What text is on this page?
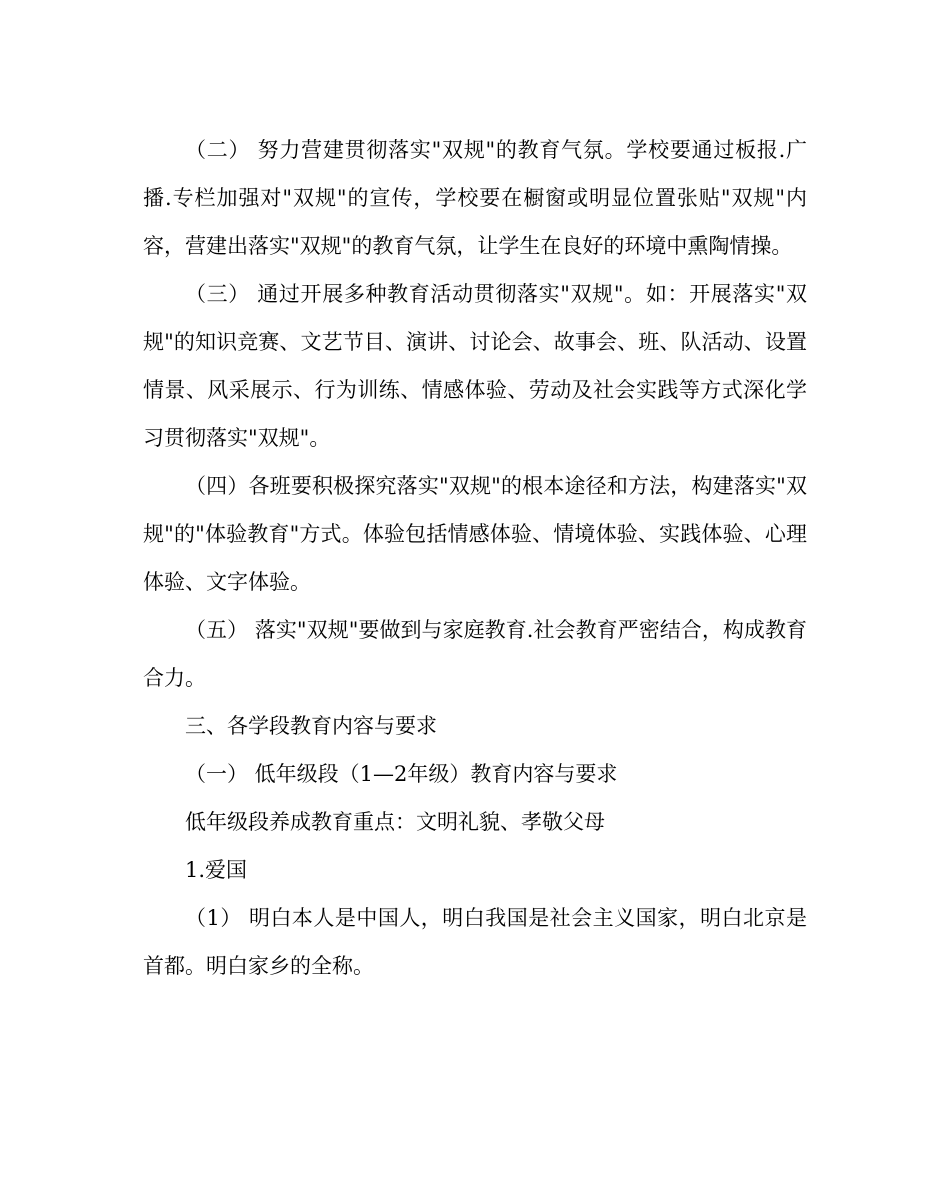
（二） 努力营建贯彻落实"双规"的教育气氛。学校要通过板报.广播.专栏加强对"双规"的宣传，学校要在橱窗或明显位置张贴"双规"内容，营建出落实"双规"的教育气氛，让学生在良好的环境中熏陶情操。

（三） 通过开展多种教育活动贯彻落实"双规"。如：开展落实"双规"的知识竞赛、文艺节目、演讲、讨论会、故事会、班、队活动、设置情景、风采展示、行为训练、情感体验、劳动及社会实践等方式深化学习贯彻落实"双规"。

（四）各班要积极探究落实"双规"的根本途径和方法，构建落实"双规"的"体验教育"方式。体验包括情感体验、情境体验、实践体验、心理体验、文字体验。

（五） 落实"双规"要做到与家庭教育.社会教育严密结合，构成教育合力。

三、各学段教育内容与要求

（一） 低年级段（1—2年级）教育内容与要求

低年级段养成教育重点：文明礼貌、孝敬父母

1.爱国

（1） 明白本人是中国人，明白我国是社会主义国家，明白北京是首都。明白家乡的全称。
